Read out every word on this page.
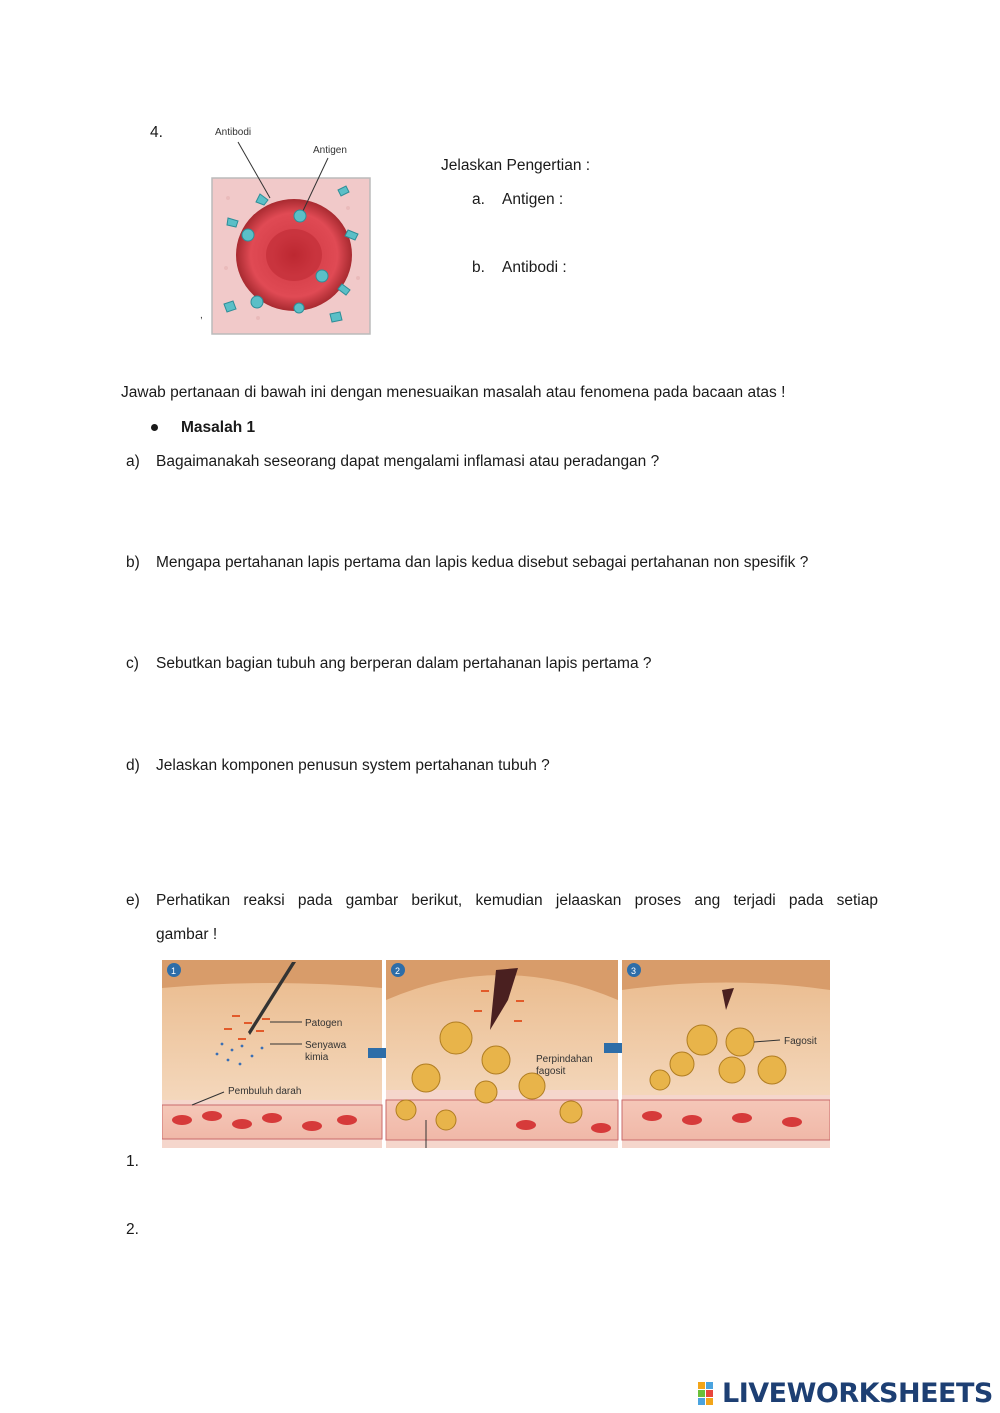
4.	Antibodi
Antigen
,
Jelaskan Pengertian :
a. Antigen :
b. Antibodi :
Jawab pertanaan di bawah ini dengan menesuaikan masalah atau fenomena pada bacaan atas !
Masalah 1
a) Bagaimanakah seseorang dapat mengalami inflamasi atau peradangan ?
b) Mengapa pertahanan lapis pertama dan lapis kedua disebut sebagai pertahanan non spesifik ?
c) Sebutkan bagian tubuh ang berperan dalam pertahanan lapis pertama ?
d) Jelaskan komponen penusun system pertahanan tubuh ?
e) Perhatikan reaksi pada gambar berikut, kemudian jelaaskan proses ang terjadi pada setiap
gambar !
1
Patogen
Senyawa
kimia
Pembuluh darah
2
Perpindahan
fagosit
3
Fagosit
1.
2.
LIVEWORKSHEETS
